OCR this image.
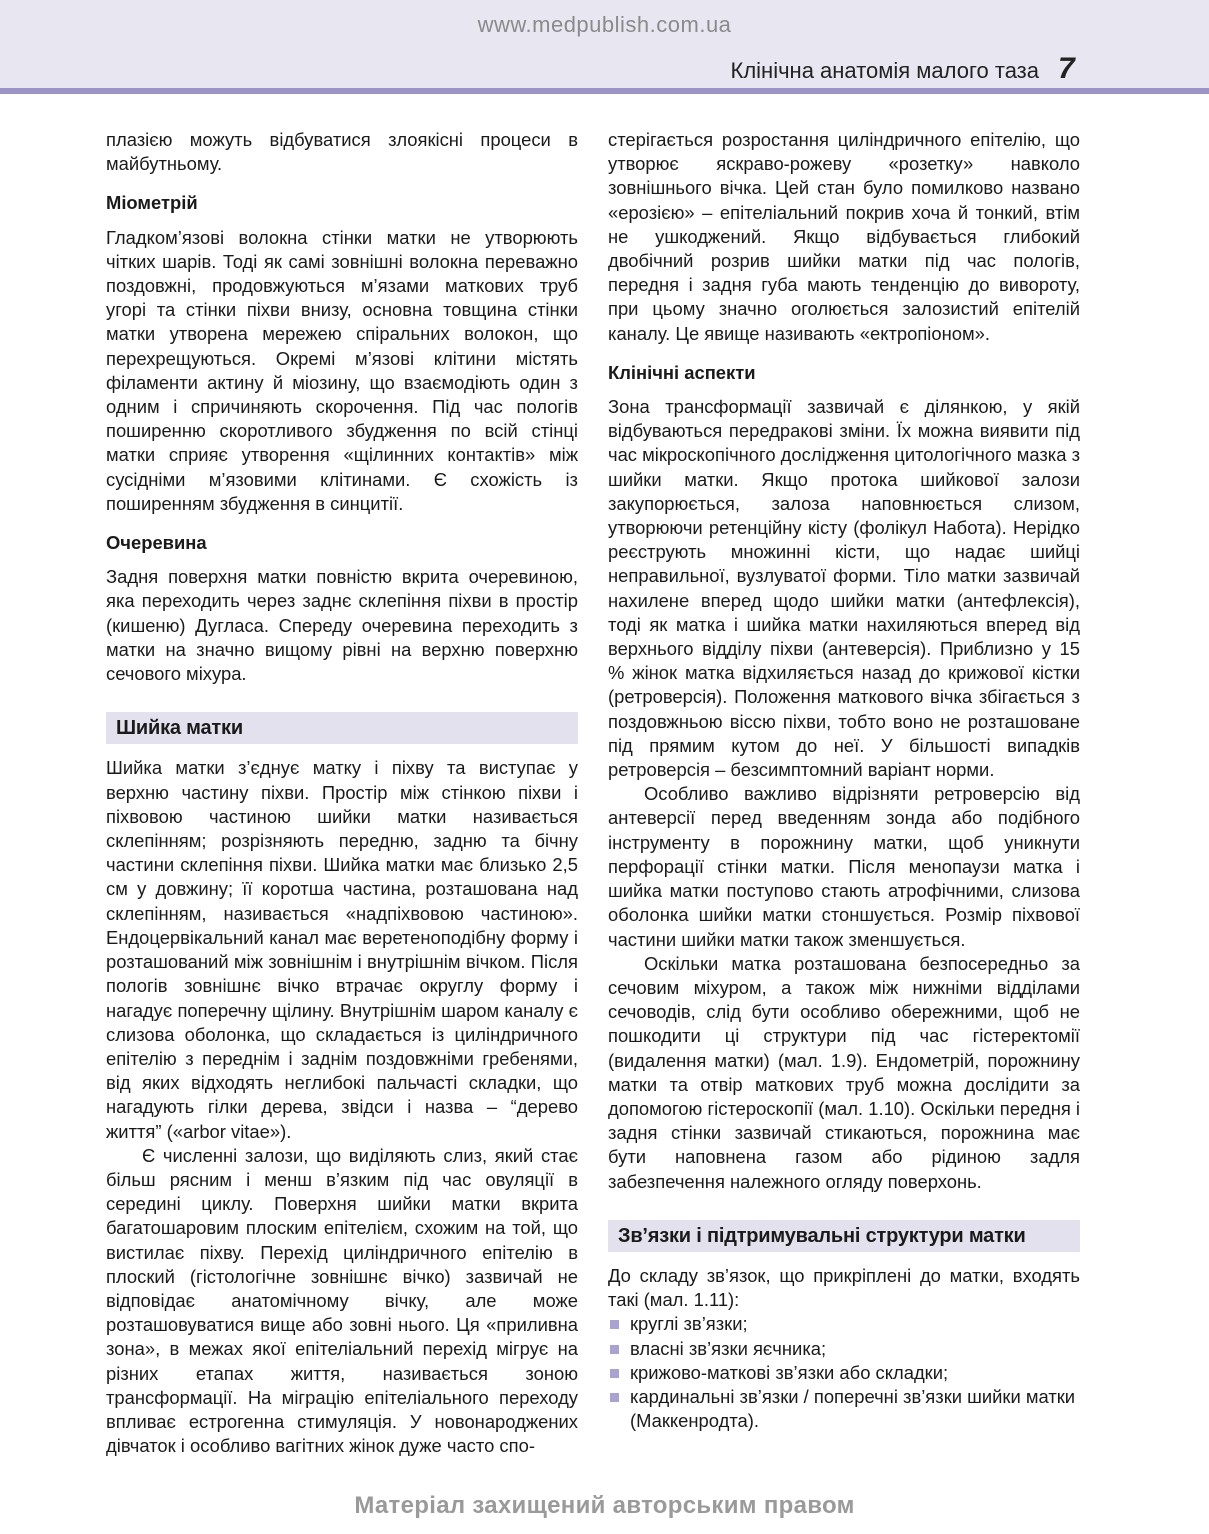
www.medpublish.com.ua
Клінічна анатомія малого таза 7

плазією можуть відбуватися злоякісні процеси в майбутньому.

Міометрій

Гладком’язові волокна стінки матки не утворюють чітких шарів. Тоді як самі зовнішні волокна переважно поздовжні, продовжуються м’язами маткових труб угорі та стінки піхви внизу, основна товщина стінки матки утворена мережею спіральних волокон, що перехрещуються. Окремі м’язові клітини містять філаменти актину й міозину, що взаємодіють один з одним і спричиняють скорочення. Під час пологів поширенню скоротливого збудження по всій стінці матки сприяє утворення «щілинних контактів» між сусідніми м’язовими клітинами. Є схожість із поширенням збудження в синцитії.

Очеревина

Задня поверхня матки повністю вкрита очеревиною, яка переходить через заднє склепіння піхви в простір (кишеню) Дугласа. Спереду очеревина переходить з матки на значно вищому рівні на верхню поверхню сечового міхура.

Шийка матки

Шийка матки з’єднує матку і піхву та виступає у верхню частину піхви. Простір між стінкою піхви і піхвовою частиною шийки матки називається склепінням; розрізняють передню, задню та бічну частини склепіння піхви. Шийка матки має близько 2,5 см у довжину; її коротша частина, розташована над склепінням, називається «надпіхвовою частиною». Ендоцервікальний канал має веретеноподібну форму і розташований між зовнішнім і внутрішнім вічком. Після пологів зовнішнє вічко втрачає округлу форму і нагадує поперечну щілину. Внутрішнім шаром каналу є слизова оболонка, що складається із циліндричного епітелію з переднім і заднім поздовжніми гребенями, від яких відходять неглибокі пальчасті складки, що нагадують гілки дерева, звідси і назва – “дерево життя” («arbor vitae»).

Є численні залози, що виділяють слиз, який стає більш рясним і менш в’язким під час овуляції в середині циклу. Поверхня шийки матки вкрита багатошаровим плоским епітелієм, схожим на той, що вистилає піхву. Перехід циліндричного епітелію в плоский (гістологічне зовнішнє вічко) зазвичай не відповідає анатомічному вічку, але може розташовуватися вище або зовні нього. Ця «приливна зона», в межах якої епітеліальний перехід мігрує на різних етапах життя, називається зоною трансформації. На міграцію епітеліального переходу впливає естрогенна стимуляція. У новонароджених дівчаток і особливо вагітних жінок дуже часто спо-

стерігається розростання циліндричного епітелію, що утворює яскраво-рожеву «розетку» навколо зовнішнього вічка. Цей стан було помилково названо «ерозією» – епітеліальний покрив хоча й тонкий, втім не ушкоджений. Якщо відбувається глибокий двобічний розрив шийки матки під час пологів, передня і задня губа мають тенденцію до вивороту, при цьому значно оголюється залозистий епітелій каналу. Це явище називають «ектропіоном».

Клінічні аспекти

Зона трансформації зазвичай є ділянкою, у якій відбуваються передракові зміни. Їх можна виявити під час мікроскопічного дослідження цитологічного мазка з шийки матки. Якщо протока шийкової залози закупорюється, залоза наповнюється слизом, утворюючи ретенційну кісту (фолікул Набота). Нерідко реєструють множинні кісти, що надає шийці неправильної, вузлуватої форми. Тіло матки зазвичай нахилене вперед щодо шийки матки (антефлексія), тоді як матка і шийка матки нахиляються вперед від верхнього відділу піхви (антеверсія). Приблизно у 15 % жінок матка відхиляється назад до крижової кістки (ретроверсія). Положення маткового вічка збігається з поздовжньою віссю піхви, тобто воно не розташоване під прямим кутом до неї. У більшості випадків ретроверсія – безсимптомний варіант норми.

Особливо важливо відрізняти ретроверсію від антеверсії перед введенням зонда або подібного інструменту в порожнину матки, щоб уникнути перфорації стінки матки. Після менопаузи матка і шийка матки поступово стають атрофічними, слизова оболонка шийки матки стоншується. Розмір піхвової частини шийки матки також зменшується.

Оскільки матка розташована безпосередньо за сечовим міхуром, а також між нижніми відділами сечоводів, слід бути особливо обережними, щоб не пошкодити ці структури під час гістеректомії (видалення матки) (мал. 1.9). Ендометрій, порожнину матки та отвір маткових труб можна дослідити за допомогою гістероскопії (мал. 1.10). Оскільки передня і задня стінки зазвичай стикаються, порожнина має бути наповнена газом або рідиною задля забезпечення належного огляду поверхонь.

Зв’язки і підтримувальні структури матки

До складу зв’язок, що прикріплені до матки, входять такі (мал. 1.11):

круглі зв’язки;
власні зв’язки яєчника;
крижово-маткові зв’язки або складки;
кардинальні зв’язки / поперечні зв’язки шийки матки (Маккенродта).
Матеріал захищений авторським правом
